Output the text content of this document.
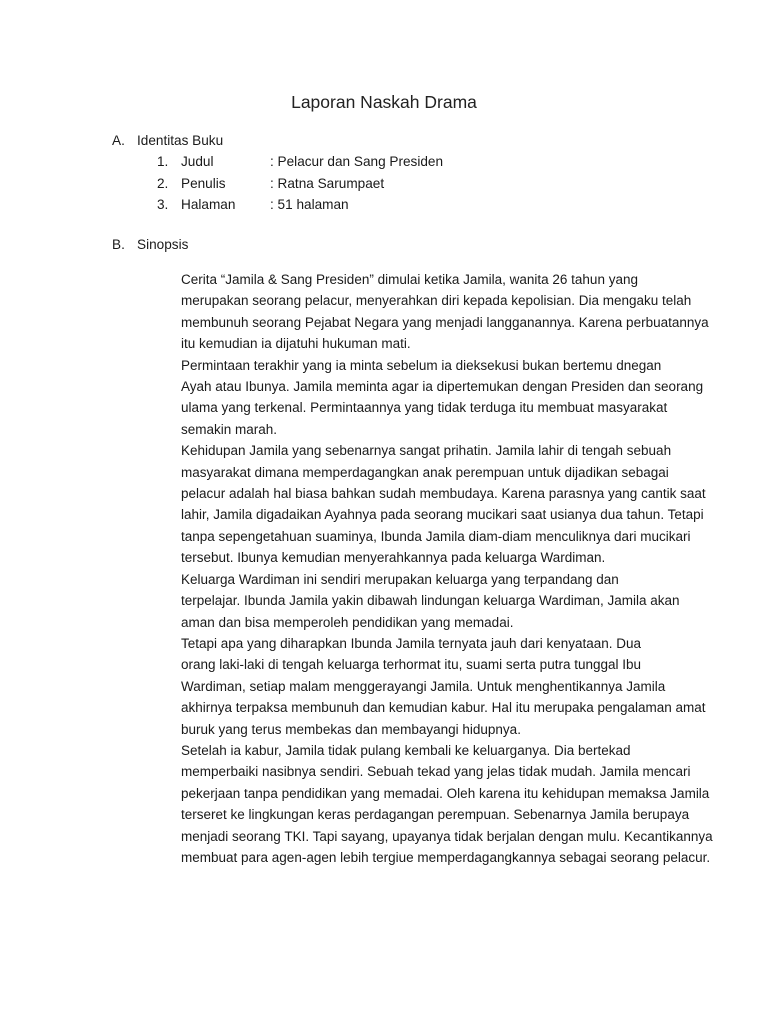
Laporan Naskah Drama
A. Identitas Buku
1. Judul	: Pelacur dan Sang Presiden
2. Penulis	: Ratna Sarumpaet
3. Halaman	: 51 halaman
B. Sinopsis

Cerita “Jamila & Sang Presiden” dimulai ketika Jamila, wanita 26 tahun yang
merupakan seorang pelacur, menyerahkan diri kepada kepolisian. Dia mengaku telah
membunuh seorang Pejabat Negara yang menjadi langganannya. Karena perbuatannya
itu kemudian ia dijatuhi hukuman mati.

Permintaan terakhir yang ia minta sebelum ia dieksekusi bukan bertemu dnegan
Ayah atau Ibunya. Jamila meminta agar ia dipertemukan dengan Presiden dan seorang
ulama yang terkenal. Permintaannya yang tidak terduga itu membuat masyarakat
semakin marah.

Kehidupan Jamila yang sebenarnya sangat prihatin. Jamila lahir di tengah sebuah
masyarakat dimana memperdagangkan anak perempuan untuk dijadikan sebagai
pelacur adalah hal biasa bahkan sudah membudaya. Karena parasnya yang cantik saat
lahir, Jamila digadaikan Ayahnya pada seorang mucikari saat usianya dua tahun. Tetapi
tanpa sepengetahuan suaminya, Ibunda Jamila diam-diam menculiknya dari mucikari
tersebut. Ibunya kemudian menyerahkannya pada keluarga Wardiman.

Keluarga Wardiman ini sendiri merupakan keluarga yang terpandang dan
terpelajar. Ibunda Jamila yakin dibawah lindungan keluarga Wardiman, Jamila akan
aman dan bisa memperoleh pendidikan yang memadai.

Tetapi apa yang diharapkan Ibunda Jamila ternyata jauh dari kenyataan. Dua
orang laki-laki di tengah keluarga terhormat itu, suami serta putra tunggal Ibu
Wardiman, setiap malam menggerayangi Jamila. Untuk menghentikannya Jamila
akhirnya terpaksa membunuh dan kemudian kabur. Hal itu merupaka pengalaman amat
buruk yang terus membekas dan membayangi hidupnya.

Setelah ia kabur, Jamila tidak pulang kembali ke keluarganya. Dia bertekad
memperbaiki nasibnya sendiri. Sebuah tekad yang jelas tidak mudah. Jamila mencari
pekerjaan tanpa pendidikan yang memadai. Oleh karena itu kehidupan memaksa Jamila
terseret ke lingkungan keras perdagangan perempuan. Sebenarnya Jamila berupaya
menjadi seorang TKI. Tapi sayang, upayanya tidak berjalan dengan mulu. Kecantikannya
membuat para agen-agen lebih tergiue memperdagangkannya sebagai seorang pelacur.
